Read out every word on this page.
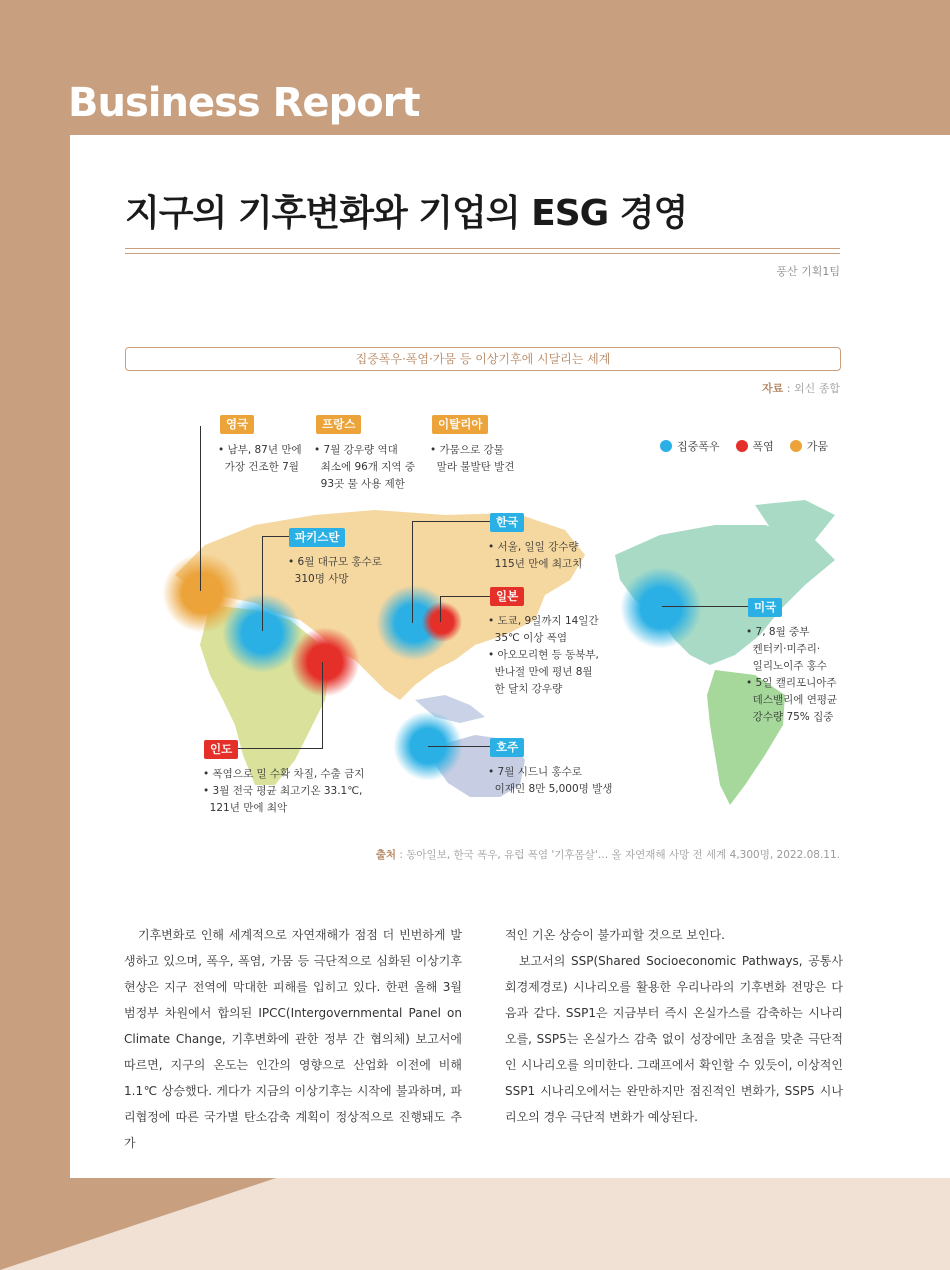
Business Report
지구의 기후변화와 기업의 ESG 경영
풍산 기획1팀
집중폭우·폭염·가뭄 등 이상기후에 시달리는 세계
자료 : 외신 종합
집중폭우	폭염	가뭄
영국
• 남부, 87년 만에
가장 건조한 7월
프랑스
• 7월 강우량 역대
최소에 96개 지역 중
93곳 물 사용 제한
이탈리아
• 가뭄으로 강물
말라 불발탄 발견
파키스탄
• 6월 대규모 홍수로
310명 사망
한국
• 서울, 일일 강수량
115년 만에 최고치
일본
• 도쿄, 9일까지 14일간
35℃ 이상 폭염
• 아오모리현 등 동북부,
반나절 만에 평년 8월
한 달치 강우량
미국
• 7, 8월 중부
켄터키·미주리·
일리노이주 홍수
• 5일 캘리포니아주
데스밸리에 연평균
강수량 75% 집중
인도
• 폭염으로 밀 수확 차질, 수출 금지
• 3월 전국 평균 최고기온 33.1℃,
121년 만에 최악
호주
• 7월 시드니 홍수로
이재민 8만 5,000명 발생
출처 : 동아일보, 한국 폭우, 유럽 폭염 '기후몸살'… 올 자연재해 사망 전 세계 4,300명, 2022.08.11.

기후변화로 인해 세계적으로 자연재해가 점점 더 빈번하게 발생하고 있으며, 폭우, 폭염, 가뭄 등 극단적으로 심화된 이상기후현상은 지구 전역에 막대한 피해를 입히고 있다. 한편 올해 3월 범정부 차원에서 합의된 IPCC(Intergovernmental Panel on Climate Change, 기후변화에 관한 정부 간 협의체) 보고서에 따르면, 지구의 온도는 인간의 영향으로 산업화 이전에 비해 1.1℃ 상승했다. 게다가 지금의 이상기후는 시작에 불과하며, 파리협정에 따른 국가별 탄소감축 계획이 정상적으로 진행돼도 추가

적인 기온 상승이 불가피할 것으로 보인다.

보고서의 SSP(Shared Socioeconomic Pathways, 공통사회경제경로) 시나리오를 활용한 우리나라의 기후변화 전망은 다음과 같다. SSP1은 지금부터 즉시 온실가스를 감축하는 시나리오를, SSP5는 온실가스 감축 없이 성장에만 초점을 맞춘 극단적인 시나리오를 의미한다. 그래프에서 확인할 수 있듯이, 이상적인 SSP1 시나리오에서는 완만하지만 점진적인 변화가, SSP5 시나리오의 경우 극단적 변화가 예상된다.
